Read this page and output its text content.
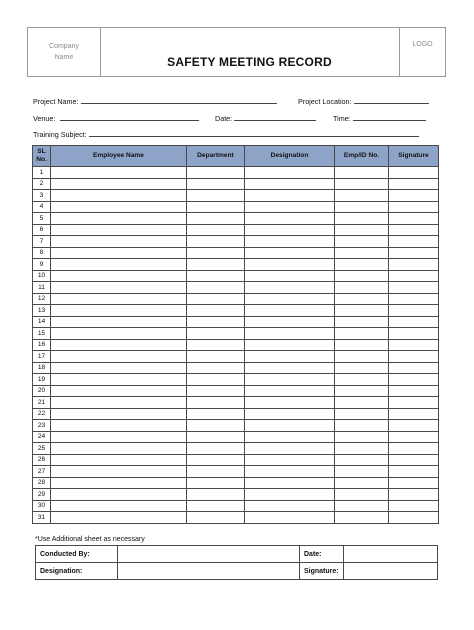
Company
Name	SAFETY MEETING RECORD
LOGO
Project Name:	Project Location:
Venue:	Date:	Time:
Training Subject:
SL
No.	Employee Name	Department	Designation	Emp/ID No.	Signature
1					
2					
3					
4					
5					
6					
7					
8					
9					
10					
11					
12					
13					
14					
15					
16					
17					
18					
19					
20					
21					
22					
23					
24					
25					
26					
27					
28					
29					
30					
31					
*Use Additional sheet as necessary
Conducted By:		Date:	
Designation:		Signature:	
